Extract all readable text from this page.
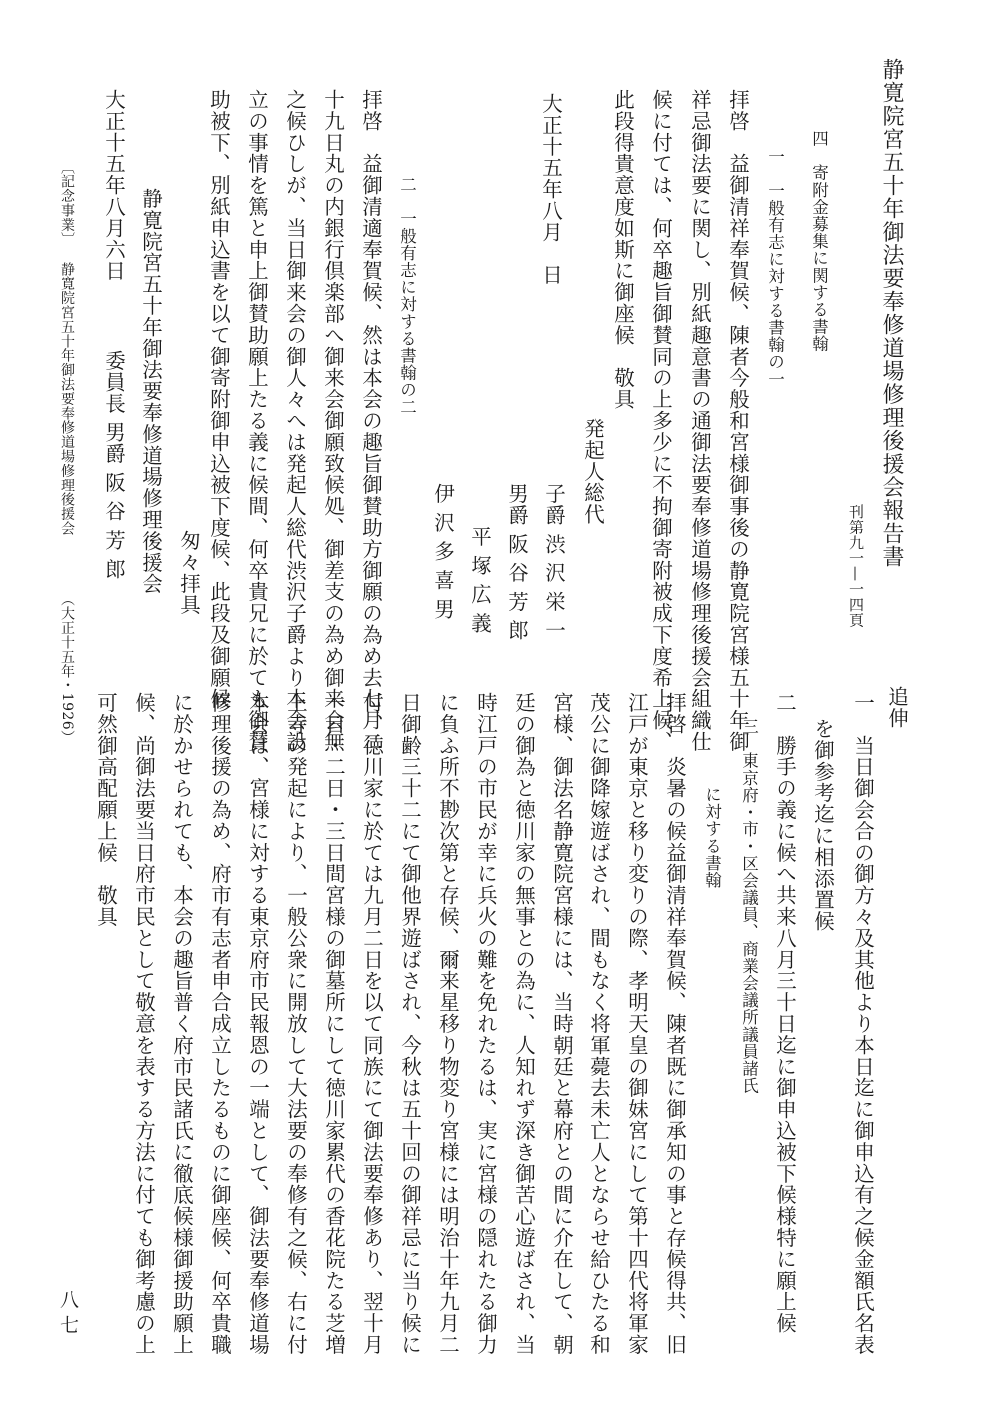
静寛院宮五十年御法要奉修道場修理後援会報告書
刊第九一—一四頁
四　寄附金募集に関する書翰
一　一般有志に対する書翰の一
拝啓　益御清祥奉賀候、陳者今般和宮様御事後の静寛院宮様五十年御
祥忌御法要に関し、別紙趣意書の通御法要奉修道場修理後援会組織仕
候に付ては、何卒趣旨御賛同の上多少に不拘御寄附被成下度希上候、
此段得貴意度如斯に御座候　敬具
大正十五年八月　日
発起人総代
子爵 渋 沢 栄 一
男爵 阪 谷 芳 郎
平 塚 広 義
伊 沢 多 喜 男
二　一般有志に対する書翰の二
拝啓　益御清適奉賀候、然は本会の趣旨御賛助方御願の為め去七月二
十九日丸の内銀行倶楽部へ御来会御願致候処、御差支の為め御来会無
之候ひしが、当日御来会の御人々へは発起人総代渋沢子爵より本会設
立の事情を篤と申上御賛助願上たる義に候間、何卒貴兄に於ても御賛
助被下、別紙申込書を以て御寄附御申込被下度候、此段及御願候
匆々拝具
静寛院宮五十年御法要奉修道場修理後援会
大正十五年八月六日
委員長 男爵 阪 谷 芳 郎
〔記念事業〕
静寛院宮五十年御法要奉修道場修理後援会
（大正十五年・1926）	追伸
一　当日御会合の御方々及其他より本日迄に御申込有之候金額氏名表
を御参考迄に相添置候
二　勝手の義に候へ共来八月三十日迄に御申込被下候様特に願上候
三　東京府・市・区会議員、商業会議所議員諸氏
に対する書翰
拝啓　炎暑の候益御清祥奉賀候、陳者既に御承知の事と存候得共、旧
江戸が東京と移り変りの際、孝明天皇の御妹宮にして第十四代将軍家
茂公に御降嫁遊ばされ、間もなく将軍薨去未亡人とならせ給ひたる和
宮様、御法名静寛院宮様には、当時朝廷と幕府との間に介在して、朝
廷の御為と徳川家の無事との為に、人知れず深き御苦心遊ばされ、当
時江戸の市民が幸に兵火の難を免れたるは、実に宮様の隠れたる御力
に負ふ所不尠次第と存候、爾来星移り物変り宮様には明治十年九月二
日御齢三十二にて御他界遊ばされ、今秋は五十回の御祥忌に当り候に
付、徳川家に於ては九月二日を以て同族にて御法要奉修あり、翌十月
一日・二日・三日間宮様の御墓所にして徳川家累代の香花院たる芝増
上寺の発起により、一般公衆に開放して大法要の奉修有之候、右に付
本会は、宮様に対する東京府市民報恩の一端として、御法要奉修道場
修理後援の為め、府市有志者申合成立したるものに御座候、何卒貴職
に於かせられても、本会の趣旨普く府市民諸氏に徹底候様御援助願上
候、尚御法要当日府市民として敬意を表する方法に付ても御考慮の上
可然御高配願上候　敬具
八七
